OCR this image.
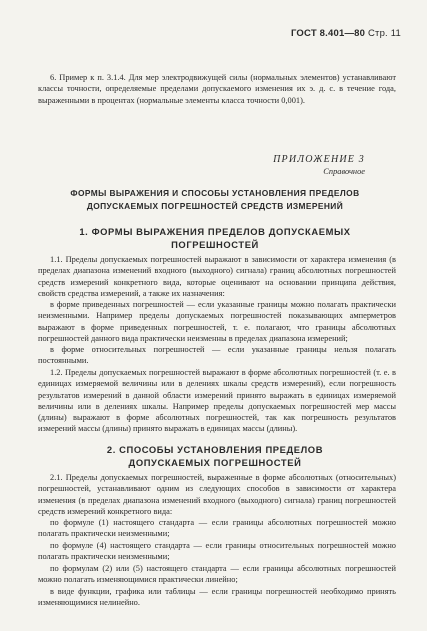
ГОСТ 8.401—80 Стр. 11
6. Пример к п. 3.1.4. Для мер электродвижущей силы (нормальных элементов) устанавливают классы точности, определяемые пределами допускаемого изменения их э. д. с. в течение года, выраженными в процентах (нормальные элементы класса точности 0,001).
ПРИЛОЖЕНИЕ 3
Справочное
ФОРМЫ ВЫРАЖЕНИЯ И СПОСОБЫ УСТАНОВЛЕНИЯ ПРЕДЕЛОВ
ДОПУСКАЕМЫХ ПОГРЕШНОСТЕЙ СРЕДСТВ ИЗМЕРЕНИЙ
1. ФОРМЫ ВЫРАЖЕНИЯ ПРЕДЕЛОВ ДОПУСКАЕМЫХ
ПОГРЕШНОСТЕЙ
1.1. Пределы допускаемых погрешностей выражают в зависимости от характера изменения (в пределах диапазона изменений входного (выходного) сигнала) границ абсолютных погрешностей средств измерений конкретного вида, которые оценивают на основании принципа действия, свойств средства измерений, а также их назначения:
в форме приведенных погрешностей — если указанные границы можно полагать практически неизменными. Например пределы допускаемых погрешностей показывающих амперметров выражают в форме приведенных погрешностей, т. е. полагают, что границы абсолютных погрешностей данного вида практически неизменны в пределах диапазона измерений;
в форме относительных погрешностей — если указанные границы нельзя полагать постоянными.
1.2. Пределы допускаемых погрешностей выражают в форме абсолютных погрешностей (т. е. в единицах измеряемой величины или в делениях шкалы средств измерений), если погрешность результатов измерений в данной области измерений принято выражать в единицах измеряемой величины или в делениях шкалы. Например пределы допускаемых погрешностей мер массы (длины) выражают в форме абсолютных погрешностей, так как погрешность результатов измерений массы (длины) принято выражать в единицах массы (длины).
2. СПОСОБЫ УСТАНОВЛЕНИЯ ПРЕДЕЛОВ
ДОПУСКАЕМЫХ ПОГРЕШНОСТЕЙ
2.1. Пределы допускаемых погрешностей, выраженные в форме абсолютных (относительных) погрешностей, устанавливают одним из следующих способов в зависимости от характера изменения (в пределах диапазона изменений входного (выходного) сигнала) границ погрешностей средств измерений конкретного вида:
по формуле (1) настоящего стандарта — если границы абсолютных погрешностей можно полагать практически неизменными;
по формуле (4) настоящего стандарта — если границы относительных погрешностей можно полагать практически неизменными;
по формулам (2) или (5) настоящего стандарта — если границы абсолютных погрешностей можно полагать изменяющимися практически линейно;
в виде функции, графика или таблицы — если границы погрешностей необходимо принять изменяющимися нелинейно.
